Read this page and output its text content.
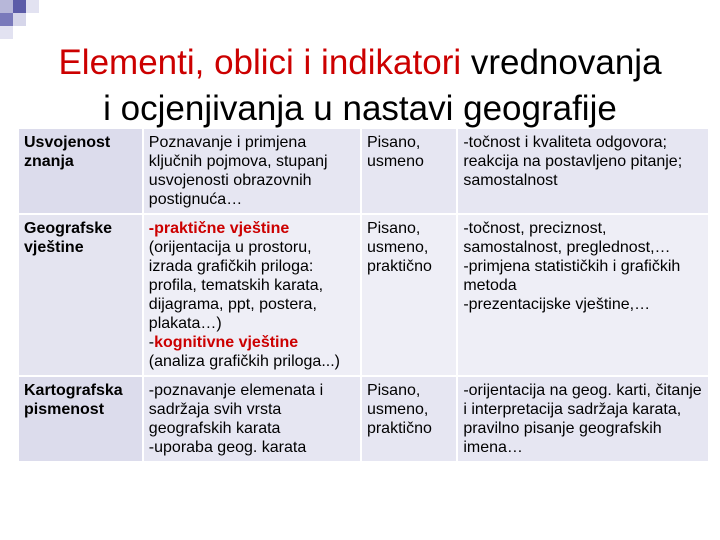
Elementi, oblici i indikatori vrednovanja
i ocjenjivanja u nastavi geografije
Usvojenost znanja	Poznavanje i primjena ključnih pojmova, stupanj usvojenosti obrazovnih postignuća…	Pisano, usmeno	-točnost i kvaliteta odgovora; reakcija na postavljeno pitanje; samostalnost
Geografske vještine	-praktične vještine (orijentacija u prostoru, izrada grafičkih priloga: profila, tematskih karata, dijagrama, ppt, postera, plakata…)
-kognitivne vještine (analiza grafičkih priloga...)	Pisano, usmeno, praktično	-točnost, preciznost, samostalnost, preglednost,…
-primjena statističkih i grafičkih metoda
-prezentacijske vještine,…

Kartografska pismenost	-poznavanje elemenata i sadržaja svih vrsta geografskih karata
-uporaba geog. karata	Pisano, usmeno, praktično	-orijentacija na geog. karti, čitanje i interpretacija sadržaja karata, pravilno pisanje geografskih imena…
